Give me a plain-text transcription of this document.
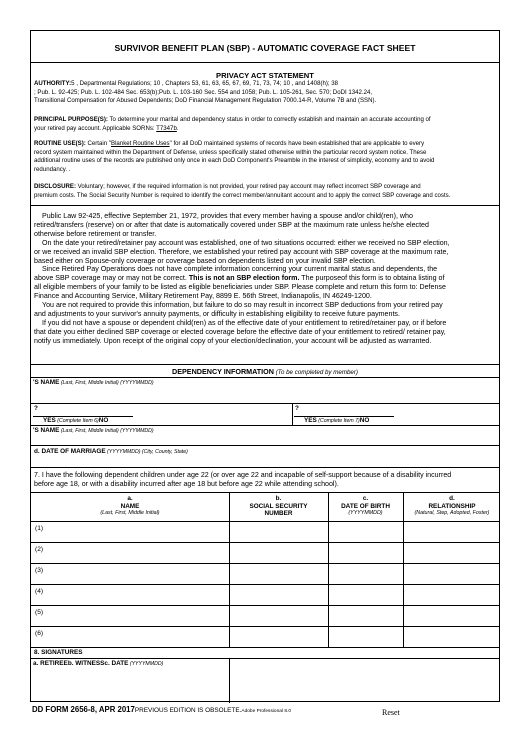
SURVIVOR BENEFIT PLAN (SBP) - AUTOMATIC COVERAGE FACT SHEET
PRIVACY ACT STATEMENT
AUTHORITY:5 , Departmental Regulations; 10 , Chapters 53, 61, 63, 65, 67, 69, 71, 73, 74; 10 , and 1408(h); 38
; Pub. L. 92-425; Pub. L. 102-484 Sec. 653(b);Pub. L. 103-160 Sec. 554 and 1058; Pub. L. 105-261, Sec. 570; DoDI 1342.24,
Transitional Compensation for Abused Dependents; DoD Financial Management Regulation 7000.14-R, Volume 7B and (SSN).
PRINCIPAL PURPOSE(S): To determine your marital and dependency status in order to correctly establish and maintain an accurate accounting of
your retired pay account. Applicable SORNs: T7347b.
ROUTINE USE(S): Certain "Blanket Routine Uses" for all DoD maintained systems of records have been established that are applicable to every
record system maintained within the Department of Defense, unless specifically stated otherwise within the particular record system notice. These
additional routine uses of the records are published only once in each DoD Component's Preamble in the interest of simplicity, economy and to avoid
redundancy. .
DISCLOSURE: Voluntary; however, if the required information is not provided, your retired pay account may reflect incorrect SBP coverage and
premium costs. The Social Security Number is required to identify the correct member/annuitant account and to apply the correct SBP coverage and costs.
Public Law 92-425, effective September 21, 1972, provides that every member having a spouse and/or child(ren), who
retired/transfers (reserve) on or after that date is automatically covered under SBP at the maximum rate unless he/she elected
otherwise before retirement or transfer.
On the date your retired/retainer pay account was established, one of two situations occurred: either we received no SBP election,
or we received an invalid SBP election. Therefore, we established your retired pay account with SBP coverage at the maximum rate,
based either on Spouse-only coverage or coverage based on dependents listed on your invalid SBP election.
Since Retired Pay Operations does not have complete information concerning your current marital status and dependents, the
above SBP coverage may or may not be correct. This is not an SBP election form. The purposeof this form is to obtaina listing of
all eligible members of your family to be listed as eligible beneficiaries under SBP. Please complete and return this form to: Defense
Finance and Accounting Service, Military Retirement Pay, 8899 E. 56th Street, Indianapolis, IN 46249-1200.
You are not required to provide this information, but failure to do so may result in incorrect SBP deductions from your retired pay
and adjustments to your survivor's annuity payments, or difficulty in establishing eligibility to receive future payments.
If you did not have a spouse or dependent child(ren) as of the effective date of your entitlement to retired/retainer pay, or if before
that date you either declined SBP coverage or elected coverage before the effective date of your entitlement to retired/ retainer pay,
notify us immediately. Upon receipt of the original copy of your election/declination, your account will be adjusted as warranted.
DEPENDENCY INFORMATION (To be completed by member)
'S NAME (Last, First, Middle Initial) (YYYYMMDD)
?	?
YES (Complete Item 6)NO	YES (Complete Item 7)NO
'S NAME (Last, First, Middle Initial) (YYYYMMDD)
d. DATE OF MARRIAGE (YYYYMMDD) (City, County, State)
7. I have the following dependent children under age 22 (or over age 22 and incapable of self-support because of a disability incurred
before age 18, or with a disability incurred after age 18 but before age 22 while attending school).
a.
NAME
(Last, First, Middle Initial)
b.
SOCIAL SECURITY
NUMBER
c.
DATE OF BIRTH
(YYYYMMDD)
d.
RELATIONSHIP
(Natural, Step, Adopted, Foster)
(1)
(2)
(3)
(4)
(5)
(6)
8. SIGNATURES
a. RETIREEb. WITNESSc. DATE (YYYYMMDD)
DD FORM 2656-8, APR 2017PREVIOUS EDITION IS OBSOLETE.Adobe Professional 8.0	Reset
